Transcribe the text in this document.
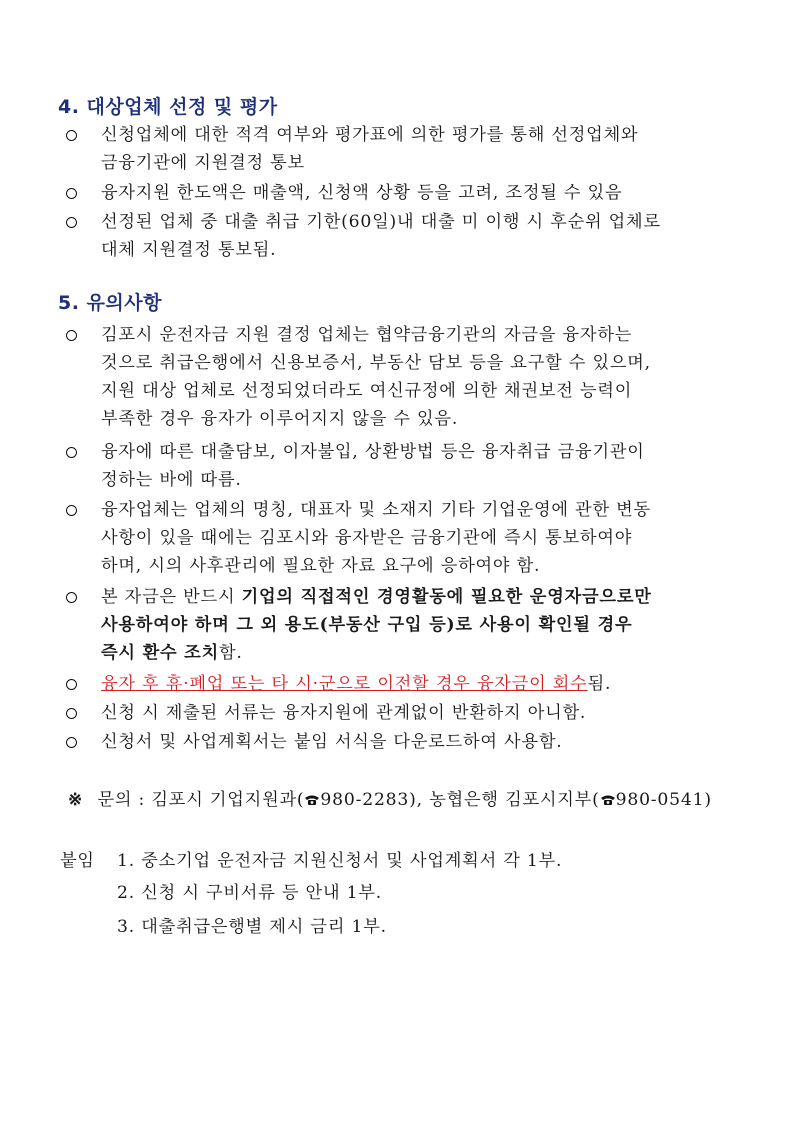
4. 대상업체 선정 및 평가
신청업체에 대한 적격 여부와 평가표에 의한 평가를 통해 선정업체와
금융기관에 지원결정 통보
융자지원 한도액은 매출액, 신청액 상황 등을 고려, 조정될 수 있음
선정된 업체 중 대출 취급 기한(60일)내 대출 미 이행 시 후순위 업체로
대체 지원결정 통보됨.
5. 유의사항
김포시 운전자금 지원 결정 업체는 협약금융기관의 자금을 융자하는
것으로 취급은행에서 신용보증서, 부동산 담보 등을 요구할 수 있으며,
지원 대상 업체로 선정되었더라도 여신규정에 의한 채권보전 능력이
부족한 경우 융자가 이루어지지 않을 수 있음.
융자에 따른 대출담보, 이자불입, 상환방법 등은 융자취급 금융기관이
정하는 바에 따름.
융자업체는 업체의 명칭, 대표자 및 소재지 기타 기업운영에 관한 변동
사항이 있을 때에는 김포시와 융자받은 금융기관에 즉시 통보하여야
하며, 시의 사후관리에 필요한 자료 요구에 응하여야 함.
본 자금은 반드시 기업의 직접적인 경영활동에 필요한 운영자금으로만
사용하여야 하며 그 외 용도(부동산 구입 등)로 사용이 확인될 경우
즉시 환수 조치함.
융자 후 휴·폐업 또는 타 시·군으로 이전할 경우 융자금이 회수됨.
신청 시 제출된 서류는 융자지원에 관계없이 반환하지 아니함.
신청서 및 사업계획서는 붙임 서식을 다운로드하여 사용함.
※ 문의 : 김포시 기업지원과( 980-2283), 농협은행 김포시지부( 980-0541)
붙임 1. 중소기업 운전자금 지원신청서 및 사업계획서 각 1부.
2. 신청 시 구비서류 등 안내 1부.
3. 대출취급은행별 제시 금리 1부.
